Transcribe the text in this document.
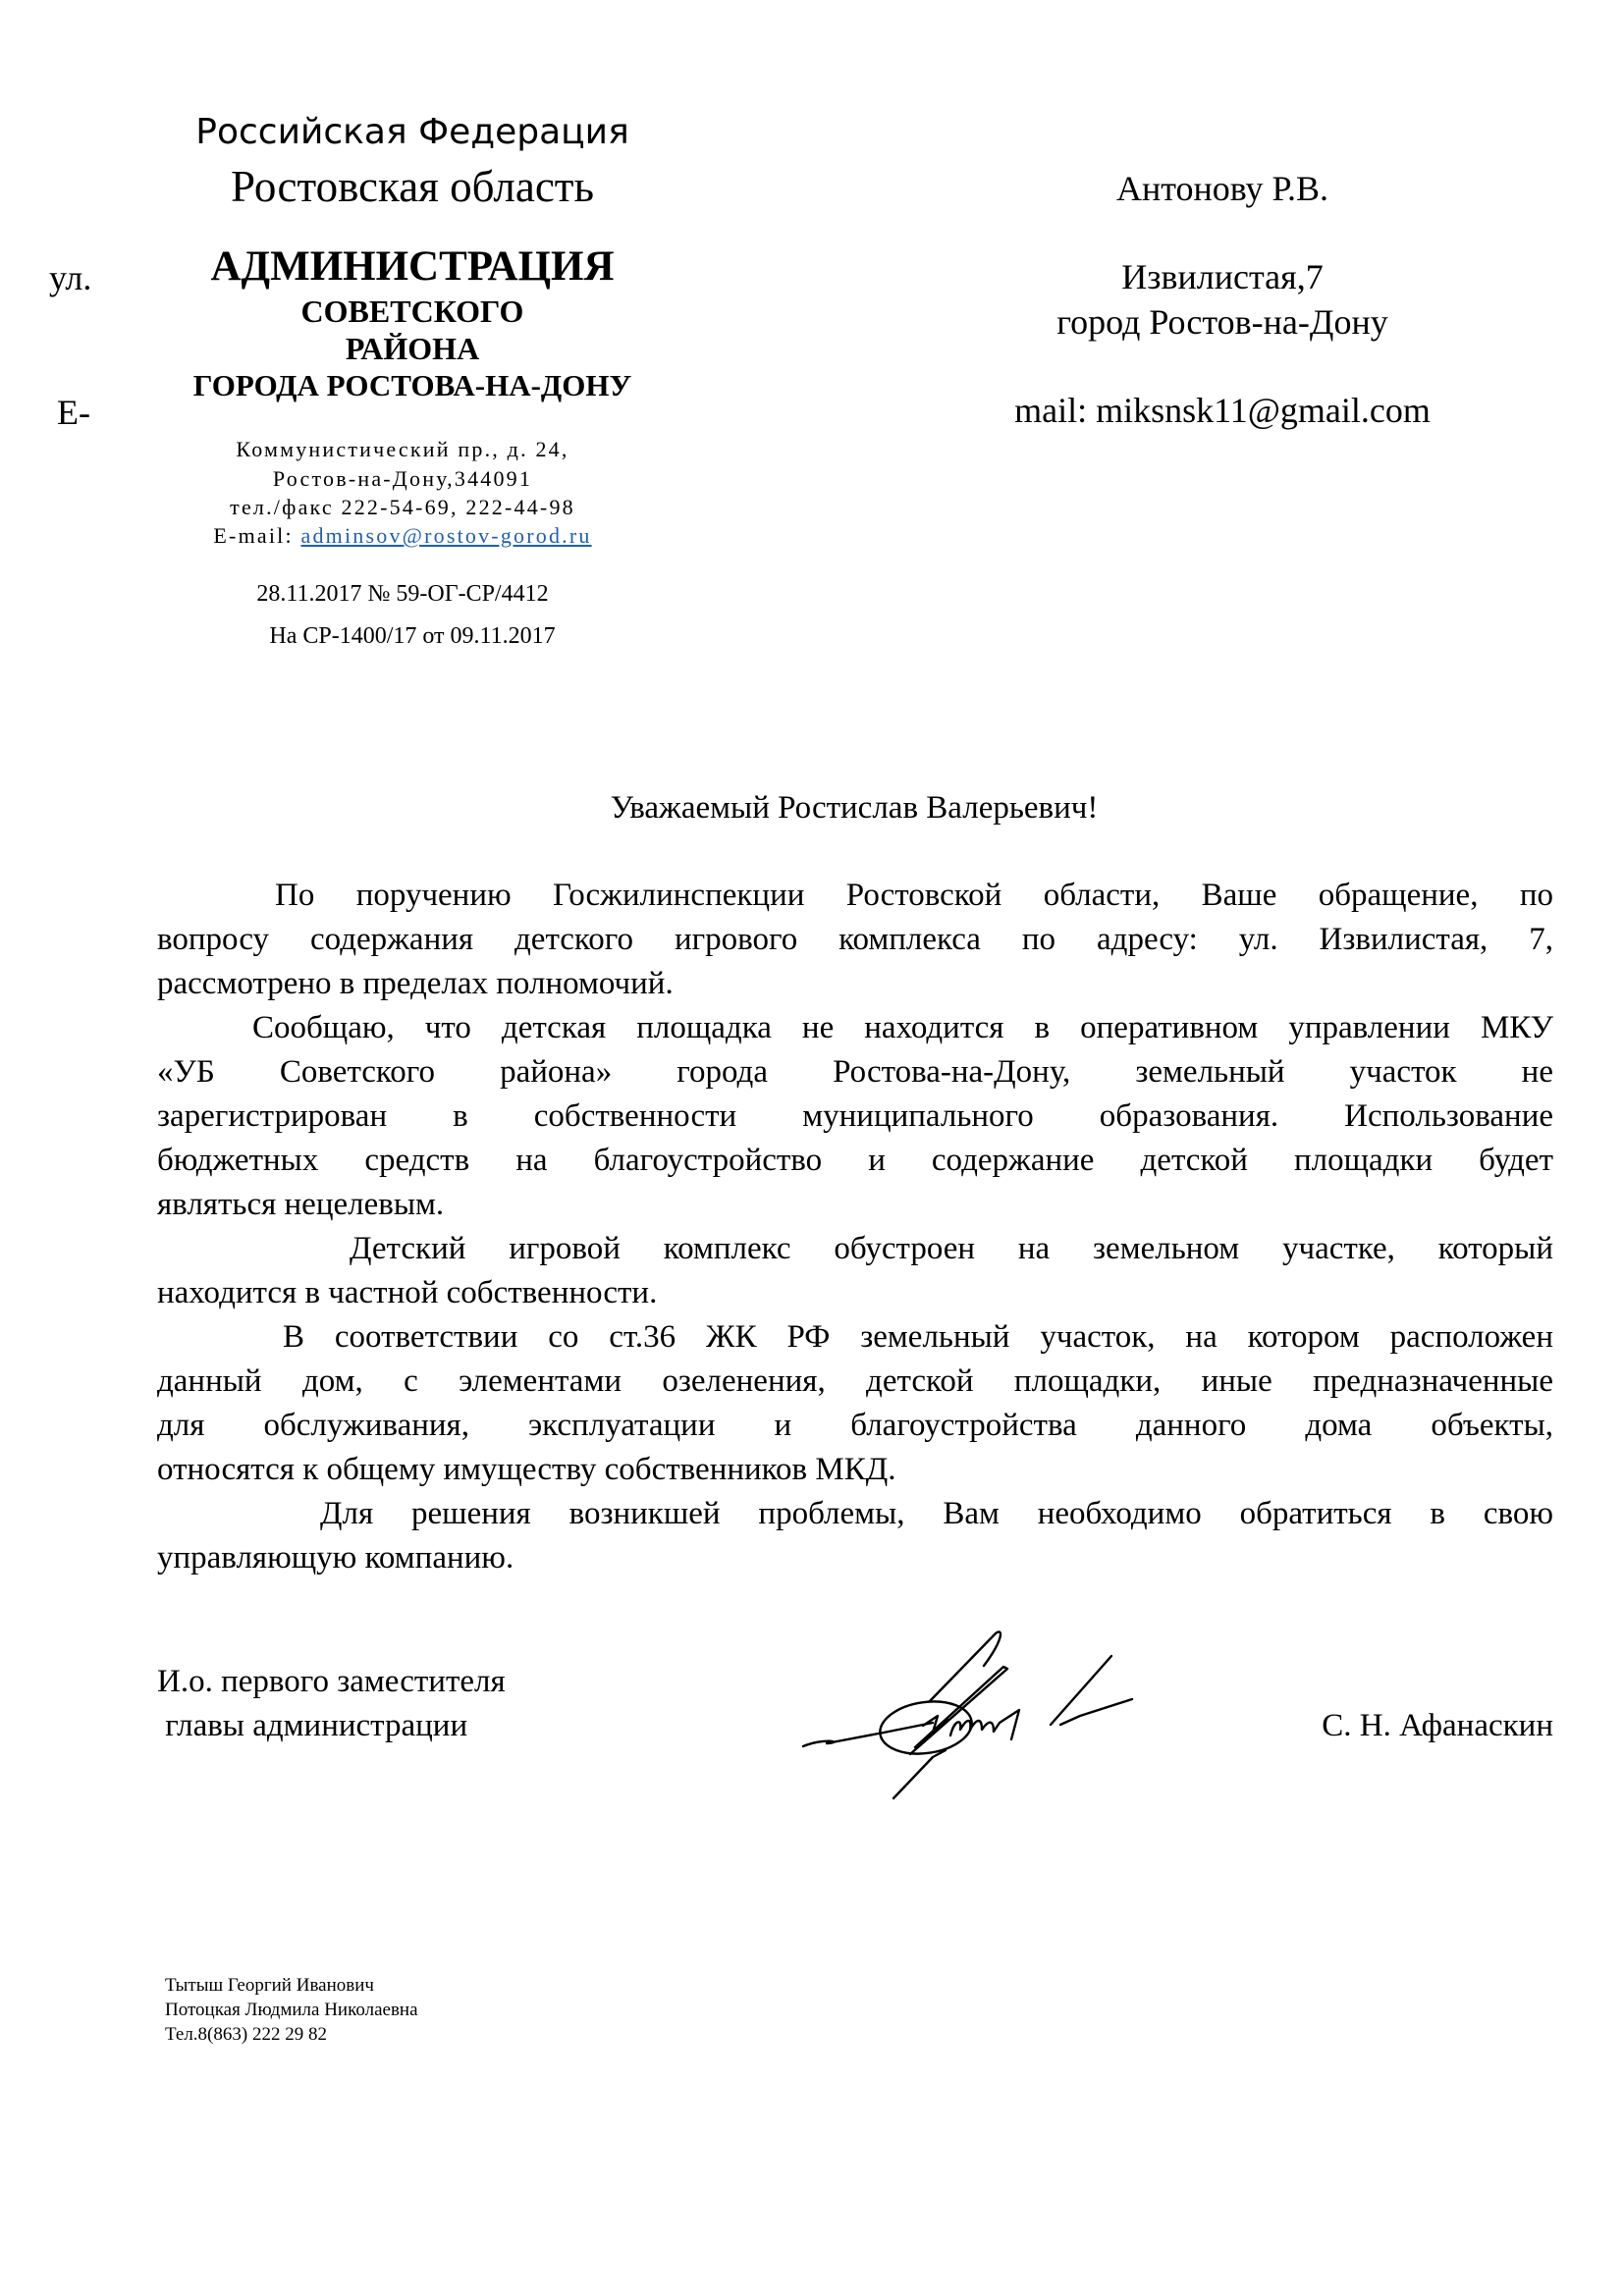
Российская Федерация
Ростовская область
ул.
Е-
АДМИНИСТРАЦИЯ
СОВЕТСКОГО
РАЙОНА
ГОРОДА РОСТОВА-НА-ДОНУ
Коммунистический пр., д. 24,
Ростов-на-Дону,344091
тел./факс 222-54-69, 222-44-98
E-mail: adminsov@rostov-gorod.ru
28.11.2017 № 59-ОГ-СР/4412
На СР-1400/17 от 09.11.2017
Антонову Р.В.
Извилистая,7
город Ростов-на-Дону
mail: miksnsk11@gmail.com
Уважаемый Ростислав Валерьевич!
По поручению Госжилинспекции Ростовской области, Ваше обращение, по
вопросу содержания детского игрового комплекса по адресу: ул. Извилистая, 7,
рассмотрено в пределах полномочий.
Сообщаю, что детская площадка не находится в оперативном управлении МКУ
«УБ Советского района» города Ростова-на-Дону, земельный участок не
зарегистрирован в собственности муниципального образования. Использование
бюджетных средств на благоустройство и содержание детской площадки будет
являться нецелевым.
Детский игровой комплекс обустроен на земельном участке, который
находится в частной собственности.
В соответствии со ст.36 ЖК РФ земельный участок, на котором расположен
данный дом, с элементами озеленения, детской площадки, иные предназначенные
для обслуживания, эксплуатации и благоустройства данного дома объекты,
относятся к общему имуществу собственников МКД.
Для решения возникшей проблемы, Вам необходимо обратиться в свою
управляющую компанию.
И.о. первого заместителя
главы администрации	С. Н. Афанаскин
Тытыш Георгий Иванович
Потоцкая Людмила Николаевна
Тел.8(863) 222 29 82
